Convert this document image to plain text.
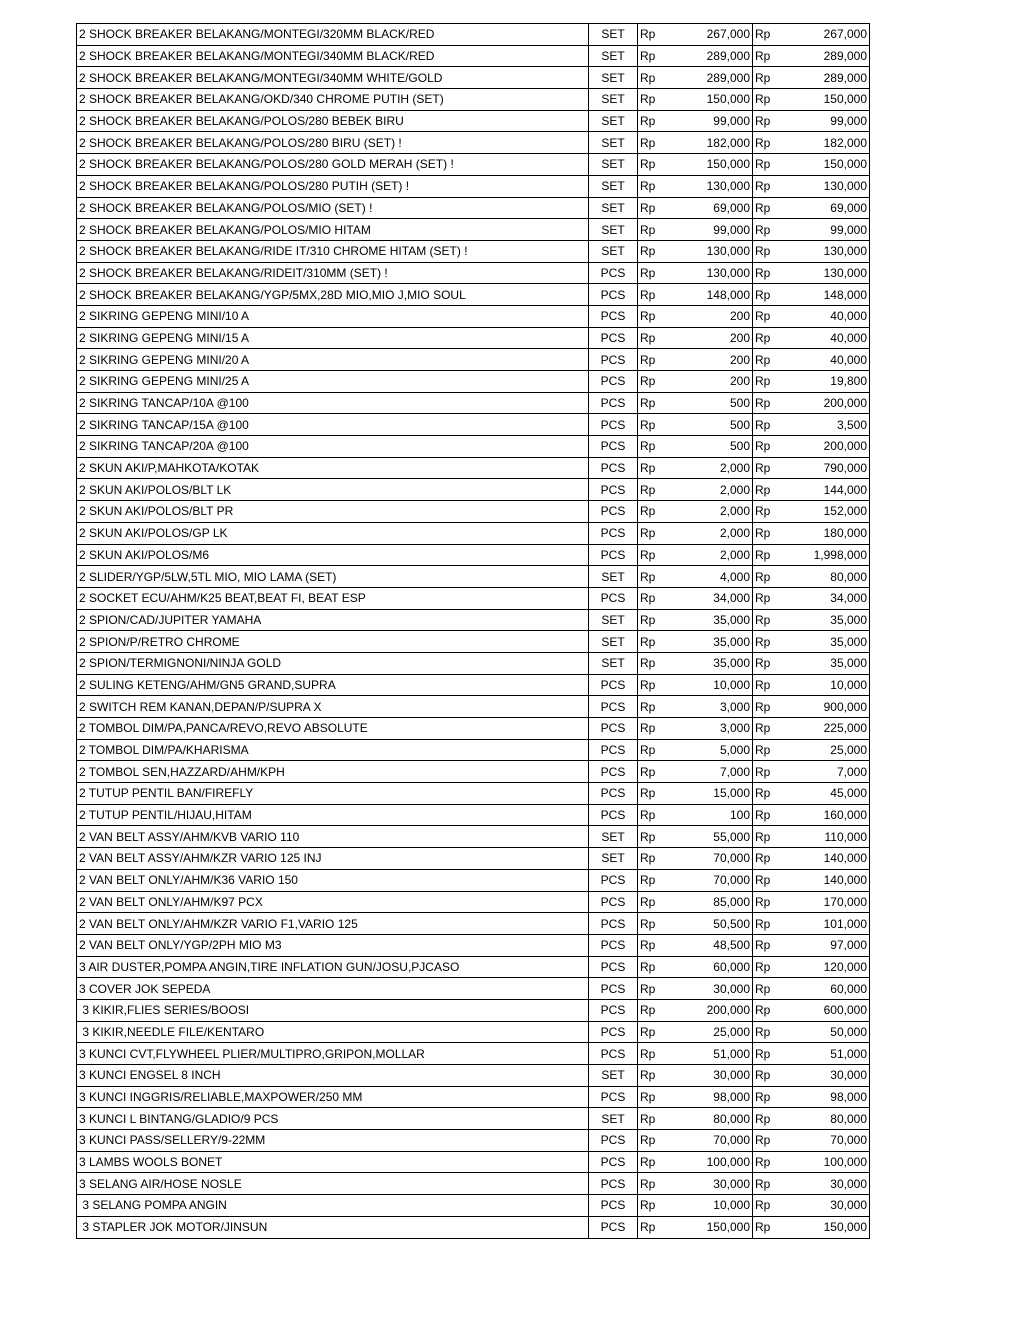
2 SHOCK BREAKER BELAKANG/MONTEGI/320MM BLACK/RED	SET	Rp	267,000	Rp	267,000
2 SHOCK BREAKER BELAKANG/MONTEGI/340MM BLACK/RED	SET	Rp	289,000	Rp	289,000
2 SHOCK BREAKER BELAKANG/MONTEGI/340MM WHITE/GOLD	SET	Rp	289,000	Rp	289,000
2 SHOCK BREAKER BELAKANG/OKD/340 CHROME PUTIH (SET)	SET	Rp	150,000	Rp	150,000
2 SHOCK BREAKER BELAKANG/POLOS/280 BEBEK BIRU	SET	Rp	99,000	Rp	99,000
2 SHOCK BREAKER BELAKANG/POLOS/280 BIRU (SET) !	SET	Rp	182,000	Rp	182,000
2 SHOCK BREAKER BELAKANG/POLOS/280 GOLD MERAH (SET) !	SET	Rp	150,000	Rp	150,000
2 SHOCK BREAKER BELAKANG/POLOS/280 PUTIH (SET) !	SET	Rp	130,000	Rp	130,000
2 SHOCK BREAKER BELAKANG/POLOS/MIO (SET) !	SET	Rp	69,000	Rp	69,000
2 SHOCK BREAKER BELAKANG/POLOS/MIO HITAM	SET	Rp	99,000	Rp	99,000
2 SHOCK BREAKER BELAKANG/RIDE IT/310 CHROME HITAM (SET) !	SET	Rp	130,000	Rp	130,000
2 SHOCK BREAKER BELAKANG/RIDEIT/310MM (SET) !	PCS	Rp	130,000	Rp	130,000
2 SHOCK BREAKER BELAKANG/YGP/5MX,28D MIO,MIO J,MIO SOUL	PCS	Rp	148,000	Rp	148,000
2 SIKRING GEPENG MINI/10 A	PCS	Rp	200	Rp	40,000
2 SIKRING GEPENG MINI/15 A	PCS	Rp	200	Rp	40,000
2 SIKRING GEPENG MINI/20 A	PCS	Rp	200	Rp	40,000
2 SIKRING GEPENG MINI/25 A	PCS	Rp	200	Rp	19,800
2 SIKRING TANCAP/10A @100	PCS	Rp	500	Rp	200,000
2 SIKRING TANCAP/15A @100	PCS	Rp	500	Rp	3,500
2 SIKRING TANCAP/20A @100	PCS	Rp	500	Rp	200,000
2 SKUN AKI/P,MAHKOTA/KOTAK	PCS	Rp	2,000	Rp	790,000
2 SKUN AKI/POLOS/BLT LK	PCS	Rp	2,000	Rp	144,000
2 SKUN AKI/POLOS/BLT PR	PCS	Rp	2,000	Rp	152,000
2 SKUN AKI/POLOS/GP LK	PCS	Rp	2,000	Rp	180,000
2 SKUN AKI/POLOS/M6	PCS	Rp	2,000	Rp	1,998,000
2 SLIDER/YGP/5LW,5TL MIO, MIO LAMA (SET)	SET	Rp	4,000	Rp	80,000
2 SOCKET ECU/AHM/K25 BEAT,BEAT FI, BEAT ESP	PCS	Rp	34,000	Rp	34,000
2 SPION/CAD/JUPITER YAMAHA	SET	Rp	35,000	Rp	35,000
2 SPION/P/RETRO CHROME	SET	Rp	35,000	Rp	35,000
2 SPION/TERMIGNONI/NINJA GOLD	SET	Rp	35,000	Rp	35,000
2 SULING KETENG/AHM/GN5 GRAND,SUPRA	PCS	Rp	10,000	Rp	10,000
2 SWITCH REM KANAN,DEPAN/P/SUPRA X	PCS	Rp	3,000	Rp	900,000
2 TOMBOL DIM/PA,PANCA/REVO,REVO ABSOLUTE	PCS	Rp	3,000	Rp	225,000
2 TOMBOL DIM/PA/KHARISMA	PCS	Rp	5,000	Rp	25,000
2 TOMBOL SEN,HAZZARD/AHM/KPH	PCS	Rp	7,000	Rp	7,000
2 TUTUP PENTIL BAN/FIREFLY	PCS	Rp	15,000	Rp	45,000
2 TUTUP PENTIL/HIJAU,HITAM	PCS	Rp	100	Rp	160,000
2 VAN BELT ASSY/AHM/KVB VARIO 110	SET	Rp	55,000	Rp	110,000
2 VAN BELT ASSY/AHM/KZR VARIO 125 INJ	SET	Rp	70,000	Rp	140,000
2 VAN BELT ONLY/AHM/K36 VARIO 150	PCS	Rp	70,000	Rp	140,000
2 VAN BELT ONLY/AHM/K97 PCX	PCS	Rp	85,000	Rp	170,000
2 VAN BELT ONLY/AHM/KZR VARIO F1,VARIO 125	PCS	Rp	50,500	Rp	101,000
2 VAN BELT ONLY/YGP/2PH MIO M3	PCS	Rp	48,500	Rp	97,000
3 AIR DUSTER,POMPA ANGIN,TIRE INFLATION GUN/JOSU,PJCASO	PCS	Rp	60,000	Rp	120,000
3 COVER JOK SEPEDA	PCS	Rp	30,000	Rp	60,000
3 KIKIR,FLIES SERIES/BOOSI	PCS	Rp	200,000	Rp	600,000
3 KIKIR,NEEDLE FILE/KENTARO	PCS	Rp	25,000	Rp	50,000
3 KUNCI CVT,FLYWHEEL PLIER/MULTIPRO,GRIPON,MOLLAR	PCS	Rp	51,000	Rp	51,000
3 KUNCI ENGSEL 8 INCH	SET	Rp	30,000	Rp	30,000
3 KUNCI INGGRIS/RELIABLE,MAXPOWER/250 MM	PCS	Rp	98,000	Rp	98,000
3 KUNCI L BINTANG/GLADIO/9 PCS	SET	Rp	80,000	Rp	80,000
3 KUNCI PASS/SELLERY/9-22MM	PCS	Rp	70,000	Rp	70,000
3 LAMBS WOOLS BONET	PCS	Rp	100,000	Rp	100,000
3 SELANG AIR/HOSE NOSLE	PCS	Rp	30,000	Rp	30,000
3 SELANG POMPA ANGIN	PCS	Rp	10,000	Rp	30,000
3 STAPLER JOK MOTOR/JINSUN	PCS	Rp	150,000	Rp	150,000
